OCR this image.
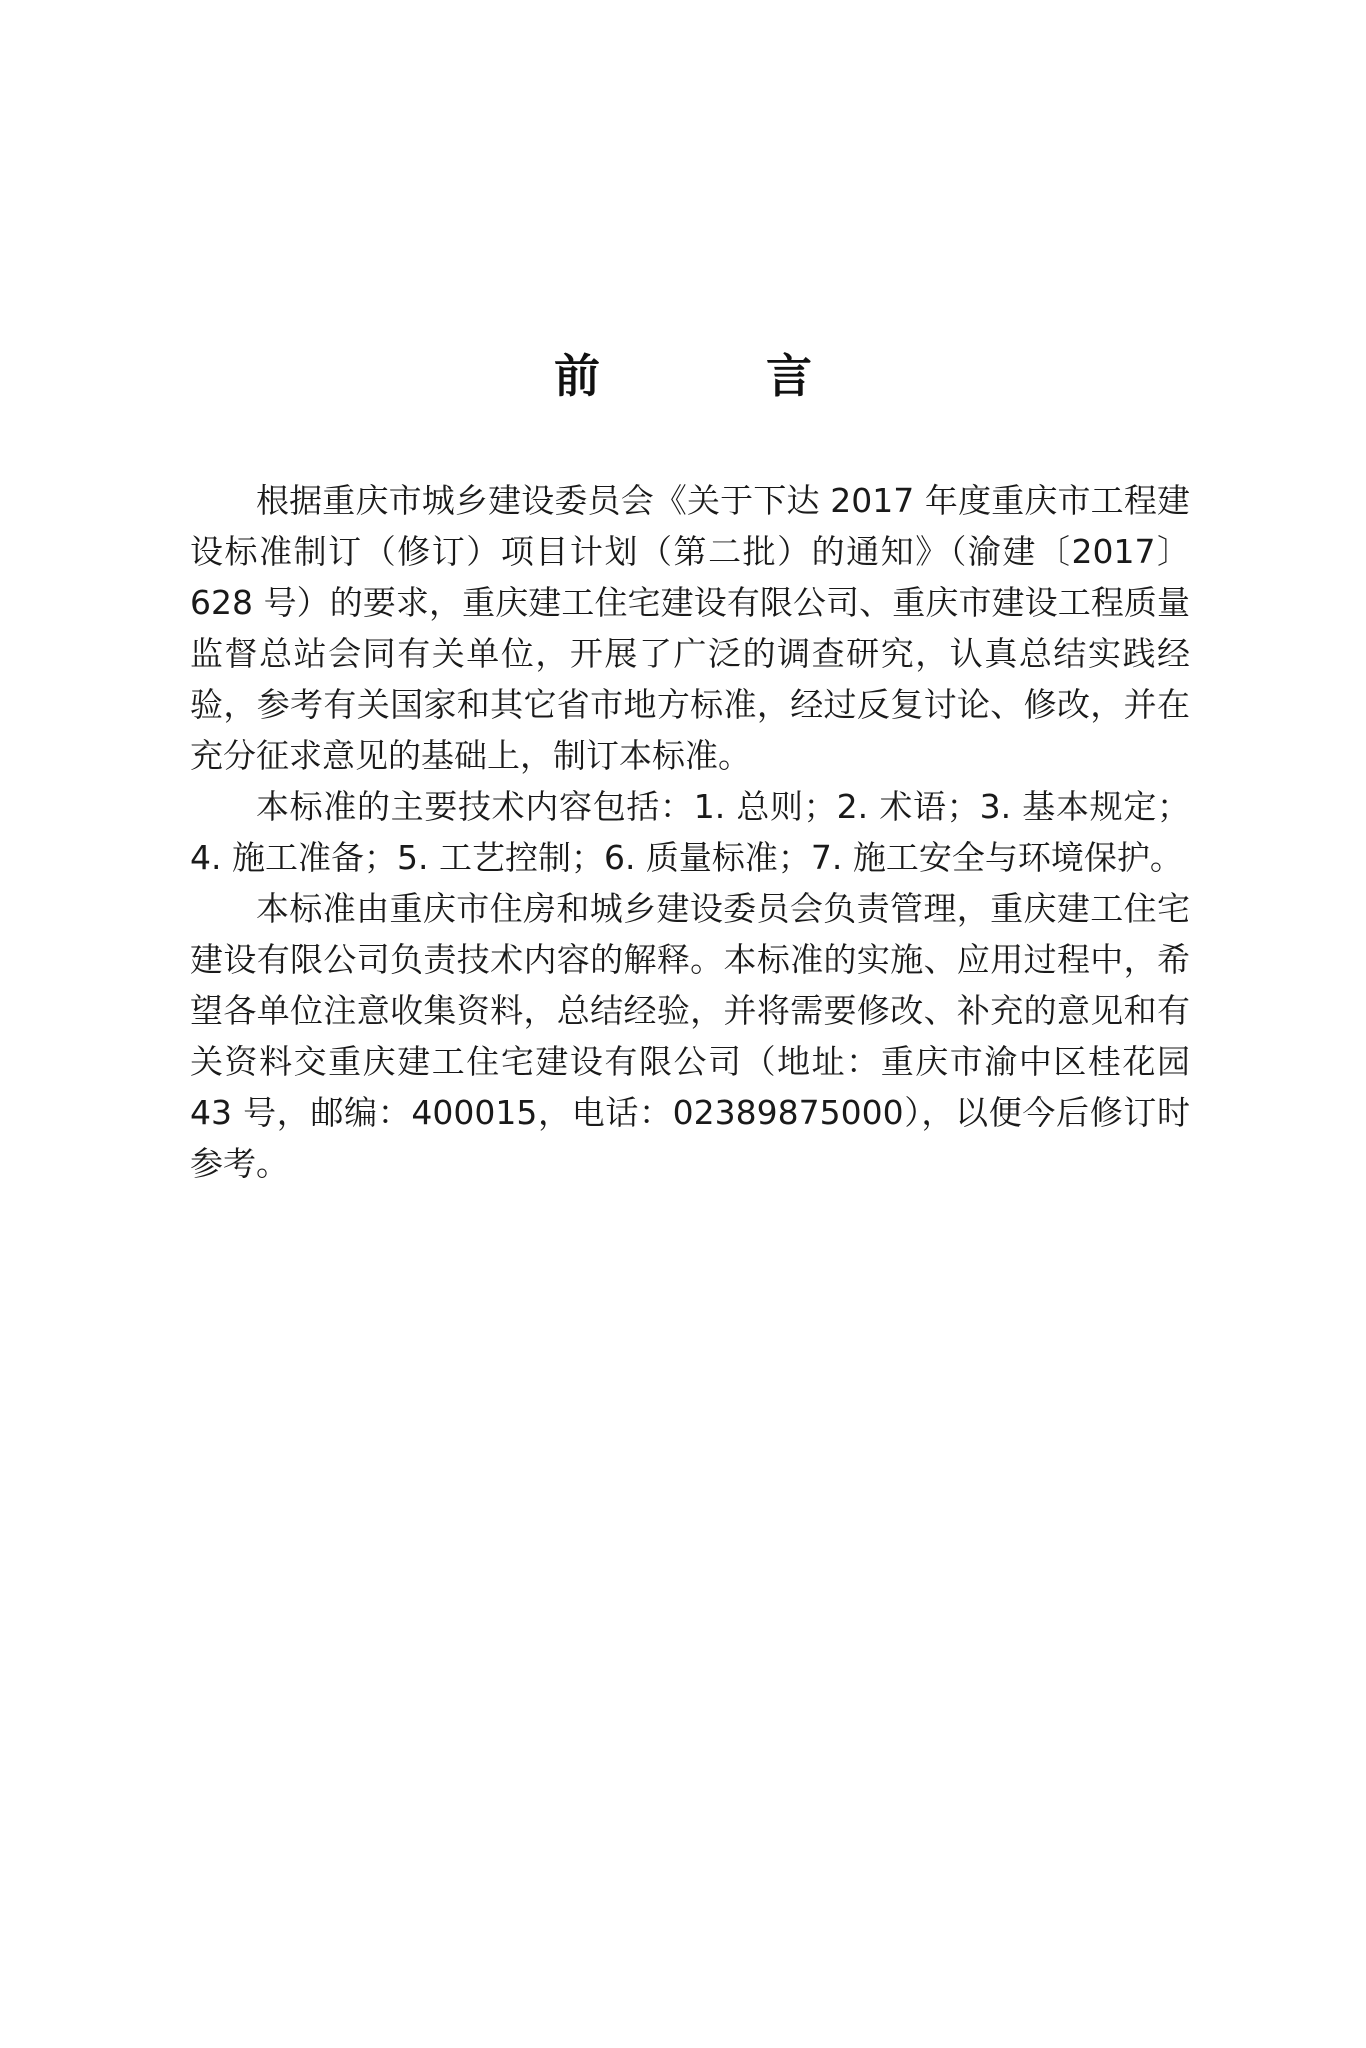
前　言

根据重庆市城乡建设委员会《关于下达 2017 年度重庆市工程建设标准制订（修订）项目计划（第二批）的通知》（渝建〔2017〕628 号）的要求，重庆建工住宅建设有限公司、重庆市建设工程质量监督总站会同有关单位，开展了广泛的调查研究，认真总结实践经验，参考有关国家和其它省市地方标准，经过反复讨论、修改，并在充分征求意见的基础上，制订本标准。

本标准的主要技术内容包括：1. 总则；2. 术语；3. 基本规定；4. 施工准备；5. 工艺控制；6. 质量标准；7. 施工安全与环境保护。

本标准由重庆市住房和城乡建设委员会负责管理，重庆建工住宅建设有限公司负责技术内容的解释。本标准的实施、应用过程中，希望各单位注意收集资料，总结经验，并将需要修改、补充的意见和有关资料交重庆建工住宅建设有限公司（地址：重庆市渝中区桂花园 43 号，邮编：400015，电话：02389875000），以便今后修订时参考。
